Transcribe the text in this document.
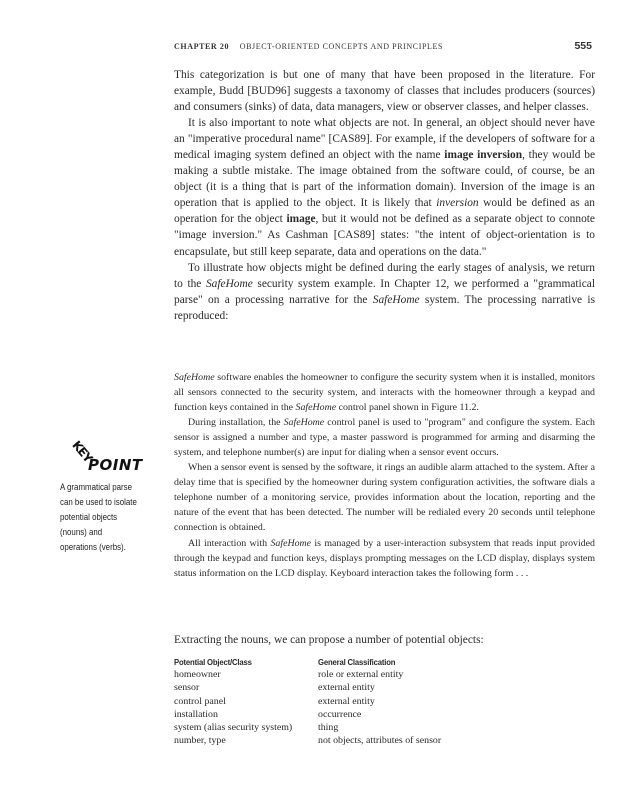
CHAPTER 20 OBJECT-ORIENTED CONCEPTS AND PRINCIPLES	555

This categorization is but one of many that have been proposed in the literature. For example, Budd [BUD96] suggests a taxonomy of classes that includes producers (sources) and consumers (sinks) of data, data managers, view or observer classes, and helper classes.

It is also important to note what objects are not. In general, an object should never have an "imperative procedural name" [CAS89]. For example, if the developers of software for a medical imaging system defined an object with the name image inversion, they would be making a subtle mistake. The image obtained from the software could, of course, be an object (it is a thing that is part of the information domain). Inversion of the image is an operation that is applied to the object. It is likely that inversion would be defined as an operation for the object image, but it would not be defined as a separate object to connote "image inversion." As Cashman [CAS89] states: "the intent of object-orientation is to encapsulate, but still keep separate, data and operations on the data."

To illustrate how objects might be defined during the early stages of analysis, we return to the SafeHome security system example. In Chapter 12, we performed a "grammatical parse" on a processing narrative for the SafeHome system. The processing narrative is reproduced:

SafeHome software enables the homeowner to configure the security system when it is installed, monitors all sensors connected to the security system, and interacts with the homeowner through a keypad and function keys contained in the SafeHome control panel shown in Figure 11.2.

During installation, the SafeHome control panel is used to "program" and configure the system. Each sensor is assigned a number and type, a master password is programmed for arming and disarming the system, and telephone number(s) are input for dialing when a sensor event occurs.

When a sensor event is sensed by the software, it rings an audible alarm attached to the system. After a delay time that is specified by the homeowner during system configuration activities, the software dials a telephone number of a monitoring service, provides information about the location, reporting and the nature of the event that has been detected. The number will be redialed every 20 seconds until telephone connection is obtained.

All interaction with SafeHome is managed by a user-interaction subsystem that reads input provided through the keypad and function keys, displays prompting messages on the LCD display, displays system status information on the LCD display. Keyboard interaction takes the following form . . .

Extracting the nouns, we can propose a number of potential objects:
Potential Object/Class	General Classification
homeowner	role or external entity
sensor	external entity
control panel	external entity
installation	occurrence
system (alias security system)	thing
number, type	not objects, attributes of sensor
KEY
POINT
A grammatical parse
can be used to isolate
potential objects
(nouns) and
operations (verbs).
